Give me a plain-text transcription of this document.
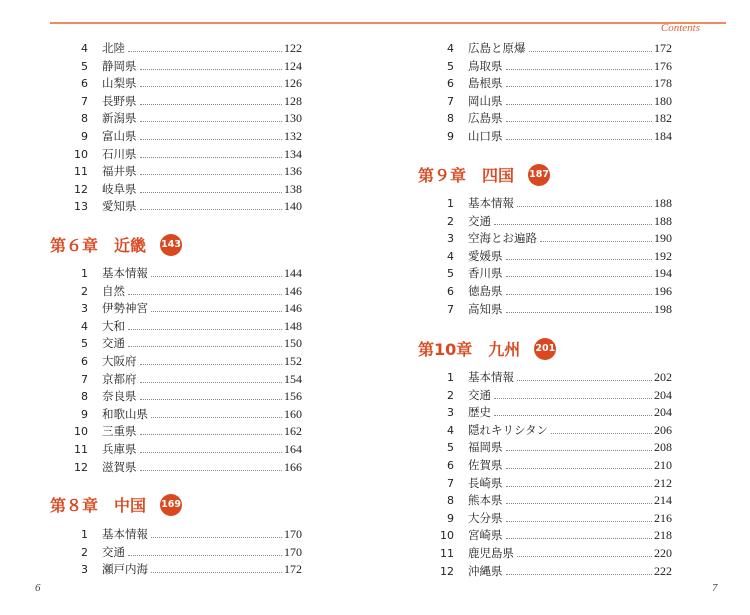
Contents
4 北陸	122
5 静岡県	124
6 山梨県	126
7 長野県	128
8 新潟県	130
9 富山県	132
10 石川県	134
11 福井県	136
12 岐阜県	138
13 愛知県	140
第６章 近畿 143
1 基本情報	144
2 自然	146
3 伊勢神宮	146
4 大和	148
5 交通	150
6 大阪府	152
7 京都府	154
8 奈良県	156
9 和歌山県	160
10 三重県	162
11 兵庫県	164
12 滋賀県	166
第８章 中国 169
1 基本情報	170
2 交通	170
3 瀬戸内海	172
6
4 広島と原爆	172
5 鳥取県	176
6 島根県	178
7 岡山県	180
8 広島県	182
9 山口県	184
第９章 四国 187
1 基本情報	188
2 交通	188
3 空海とお遍路	190
4 愛媛県	192
5 香川県	194
6 徳島県	196
7 高知県	198
第10章 九州 201
1 基本情報	202
2 交通	204
3 歴史	204
4 隠れキリシタン	206
5 福岡県	208
6 佐賀県	210
7 長崎県	212
8 熊本県	214
9 大分県	216
10 宮崎県	218
11 鹿児島県	220
12 沖縄県	222
7
